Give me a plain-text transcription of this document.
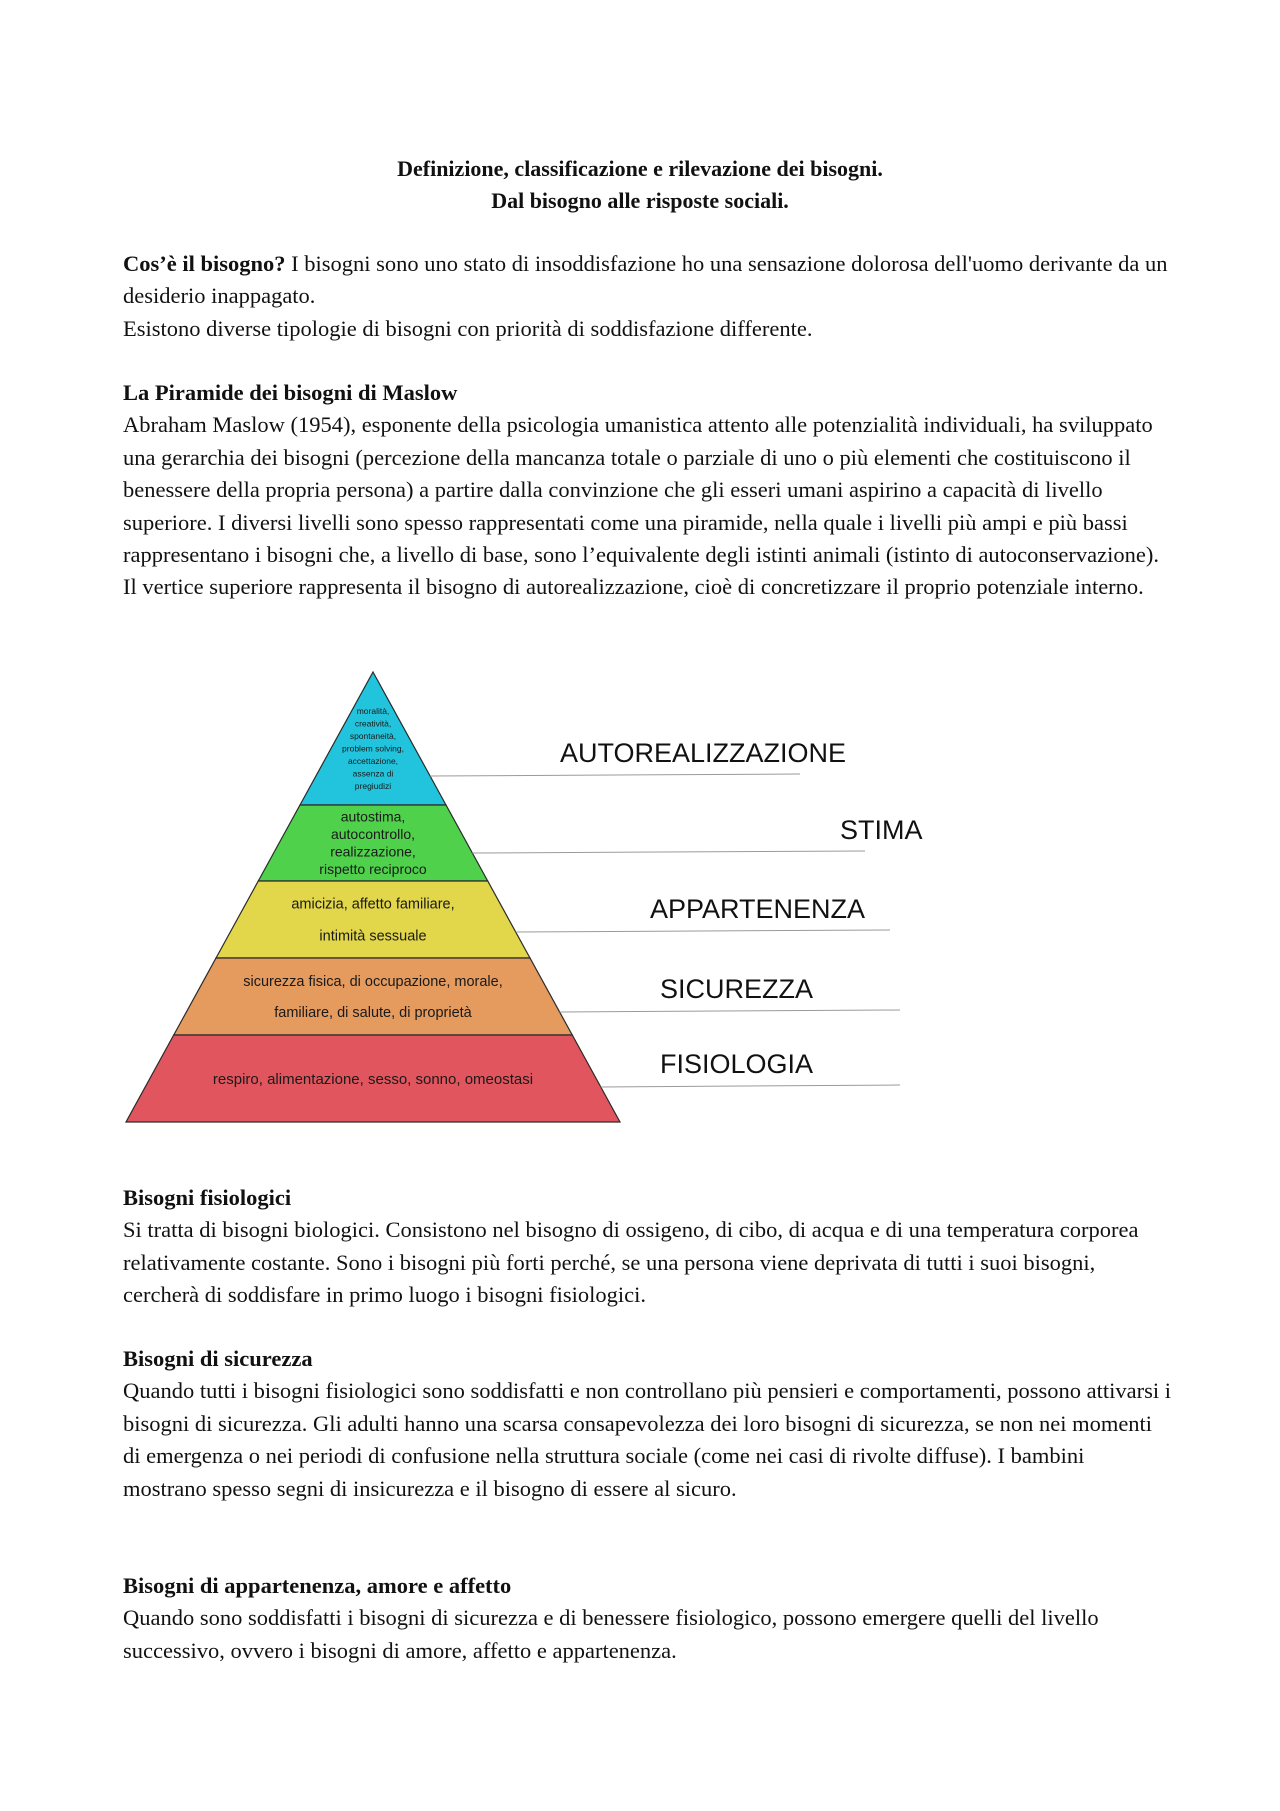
Definizione, classificazione e rilevazione dei bisogni.
Dal bisogno alle risposte sociali.

Cos’è il bisogno? I bisogni sono uno stato di insoddisfazione ho una sensazione dolorosa dell'uomo derivante da un desiderio inappagato.

Esistono diverse tipologie di bisogni con priorità di soddisfazione differente.

La Piramide dei bisogni di Maslow

Abraham Maslow (1954), esponente della psicologia umanistica attento alle potenzialità individuali, ha sviluppato una gerarchia dei bisogni (percezione della mancanza totale o parziale di uno o più elementi che costituiscono il benessere della propria persona) a partire dalla convinzione che gli esseri umani aspirino a capacità di livello superiore. I diversi livelli sono spesso rappresentati come una piramide, nella quale i livelli più ampi e più bassi rappresentano i bisogni che, a livello di base, sono l’equivalente degli istinti animali (istinto di autoconservazione). Il vertice superiore rappresenta il bisogno di autorealizzazione, cioè di concretizzare il proprio potenziale interno.

moralità,
creatività,
spontaneità,
problem solving,
accettazione,
assenza di
pregiudizi
AUTOREALIZZAZIONE
autostima,
autocontrollo,
realizzazione,
rispetto reciproco
STIMA
amicizia, affetto familiare,
intimità sessuale
APPARTENENZA
sicurezza fisica, di occupazione, morale,
familiare, di salute, di proprietà
SICUREZZA
respiro, alimentazione, sesso, sonno, omeostasi
FISIOLOGIA
Bisogni fisiologici

Si tratta di bisogni biologici. Consistono nel bisogno di ossigeno, di cibo, di acqua e di una temperatura corporea relativamente costante. Sono i bisogni più forti perché, se una persona viene deprivata di tutti i suoi bisogni, cercherà di soddisfare in primo luogo i bisogni fisiologici.

Bisogni di sicurezza

Quando tutti i bisogni fisiologici sono soddisfatti e non controllano più pensieri e comportamenti, possono attivarsi i bisogni di sicurezza. Gli adulti hanno una scarsa consapevolezza dei loro bisogni di sicurezza, se non nei momenti di emergenza o nei periodi di confusione nella struttura sociale (come nei casi di rivolte diffuse). I bambini mostrano spesso segni di insicurezza e il bisogno di essere al sicuro.

Bisogni di appartenenza, amore e affetto

Quando sono soddisfatti i bisogni di sicurezza e di benessere fisiologico, possono emergere quelli del livello successivo, ovvero i bisogni di amore, affetto e appartenenza.
